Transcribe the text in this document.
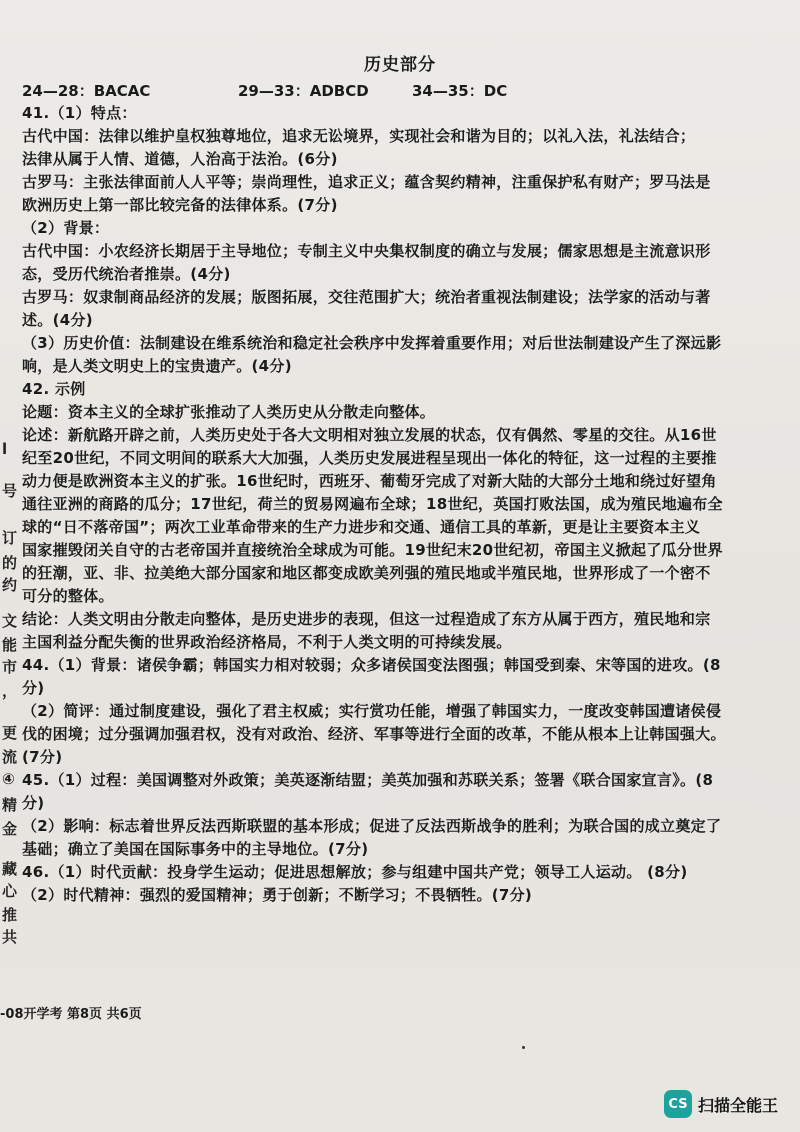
历史部分
24—28：BACAC	29—33：ADBCD	34—35：DC
41.（1）特点：
古代中国：法律以维护皇权独尊地位，追求无讼境界，实现社会和谐为目的；以礼入法，礼法结合；
法律从属于人情、道德，人治高于法治。(6分)
古罗马：主张法律面前人人平等；崇尚理性，追求正义；蕴含契约精神，注重保护私有财产；罗马法是
欧洲历史上第一部比较完备的法律体系。(7分)
（2）背景：
古代中国：小农经济长期居于主导地位；专制主义中央集权制度的确立与发展；儒家思想是主流意识形
态，受历代统治者推崇。(4分)
古罗马：奴隶制商品经济的发展；版图拓展，交往范围扩大；统治者重视法制建设；法学家的活动与著
述。(4分)
（3）历史价值：法制建设在维系统治和稳定社会秩序中发挥着重要作用；对后世法制建设产生了深远影
响，是人类文明史上的宝贵遗产。(4分)
42. 示例
论题：资本主义的全球扩张推动了人类历史从分散走向整体。
论述：新航路开辟之前，人类历史处于各大文明相对独立发展的状态，仅有偶然、零星的交往。从16世
纪至20世纪，不同文明间的联系大大加强，人类历史发展进程呈现出一体化的特征，这一过程的主要推
动力便是欧洲资本主义的扩张。16世纪时，西班牙、葡萄牙完成了对新大陆的大部分土地和绕过好望角
通往亚洲的商路的瓜分；17世纪，荷兰的贸易网遍布全球；18世纪，英国打败法国，成为殖民地遍布全
球的“日不落帝国”；两次工业革命带来的生产力进步和交通、通信工具的革新，更是让主要资本主义
国家摧毁闭关自守的古老帝国并直接统治全球成为可能。19世纪末20世纪初，帝国主义掀起了瓜分世界
的狂潮，亚、非、拉美绝大部分国家和地区都变成欧美列强的殖民地或半殖民地，世界形成了一个密不
可分的整体。
结论：人类文明由分散走向整体，是历史进步的表现，但这一过程造成了东方从属于西方，殖民地和宗
主国利益分配失衡的世界政治经济格局，不利于人类文明的可持续发展。
44.（1）背景：诸侯争霸；韩国实力相对较弱；众多诸侯国变法图强；韩国受到秦、宋等国的进攻。(8
分)
（2）简评：通过制度建设，强化了君主权威；实行赏功任能，增强了韩国实力，一度改变韩国遭诸侯侵
伐的困境；过分强调加强君权，没有对政治、经济、军事等进行全面的改革，不能从根本上让韩国强大。
(7分)
45.（1）过程：美国调整对外政策；美英逐渐结盟；美英加强和苏联关系；签署《联合国家宣言》。(8
分)
（2）影响：标志着世界反法西斯联盟的基本形成；促进了反法西斯战争的胜利；为联合国的成立奠定了
基础；确立了美国在国际事务中的主导地位。(7分)
46.（1）时代贡献：投身学生运动；促进思想解放；参与组建中国共产党；领导工人运动。 (8分)
（2）时代精神：强烈的爱国精神；勇于创新；不断学习；不畏牺牲。(7分)
l
号
订
的
约
文
能
市
，
更
流
④
精
金
藏
心
推
共
-08开学考 第8页 共6页
CS 扫描全能王
